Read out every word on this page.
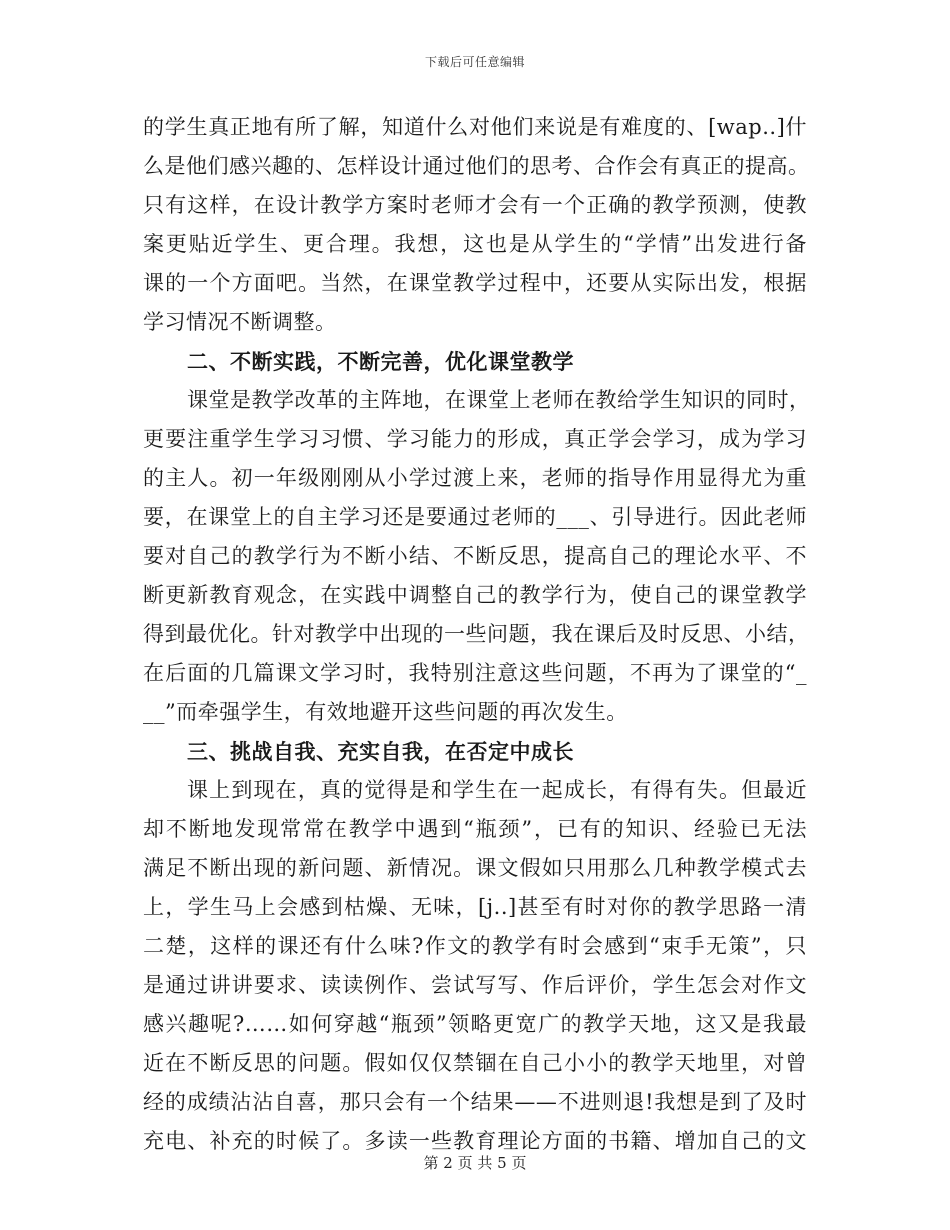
下载后可任意编辑
的学生真正地有所了解，知道什么对他们来说是有难度的、[wap..]什
么是他们感兴趣的、怎样设计通过他们的思考、合作会有真正的提高。
只有这样，在设计教学方案时老师才会有一个正确的教学预测，使教
案更贴近学生、更合理。我想，这也是从学生的“学情”出发进行备
课的一个方面吧。当然，在课堂教学过程中，还要从实际出发，根据
学习情况不断调整。
二、不断实践，不断完善，优化课堂教学
课堂是教学改革的主阵地，在课堂上老师在教给学生知识的同时，
更要注重学生学习习惯、学习能力的形成，真正学会学习，成为学习
的主人。初一年级刚刚从小学过渡上来，老师的指导作用显得尤为重
要，在课堂上的自主学习还是要通过老师的___、引导进行。因此老师
要对自己的教学行为不断小结、不断反思，提高自己的理论水平、不
断更新教育观念，在实践中调整自己的教学行为，使自己的课堂教学
得到最优化。针对教学中出现的一些问题，我在课后及时反思、小结，
在后面的几篇课文学习时，我特别注意这些问题，不再为了课堂的“_
__”而牵强学生，有效地避开这些问题的再次发生。
三、挑战自我、充实自我，在否定中成长
课上到现在，真的觉得是和学生在一起成长，有得有失。但最近
却不断地发现常常在教学中遇到“瓶颈”，已有的知识、经验已无法
满足不断出现的新问题、新情况。课文假如只用那么几种教学模式去
上，学生马上会感到枯燥、无味，[j..]甚至有时对你的教学思路一清
二楚，这样的课还有什么味?作文的教学有时会感到“束手无策”，只
是通过讲讲要求、读读例作、尝试写写、作后评价，学生怎会对作文
感兴趣呢?……如何穿越“瓶颈”领略更宽广的教学天地，这又是我最
近在不断反思的问题。假如仅仅禁锢在自己小小的教学天地里，对曾
经的成绩沾沾自喜，那只会有一个结果——不进则退!我想是到了及时
充电、补充的时候了。多读一些教育理论方面的书籍、增加自己的文
第 2 页 共 5 页
